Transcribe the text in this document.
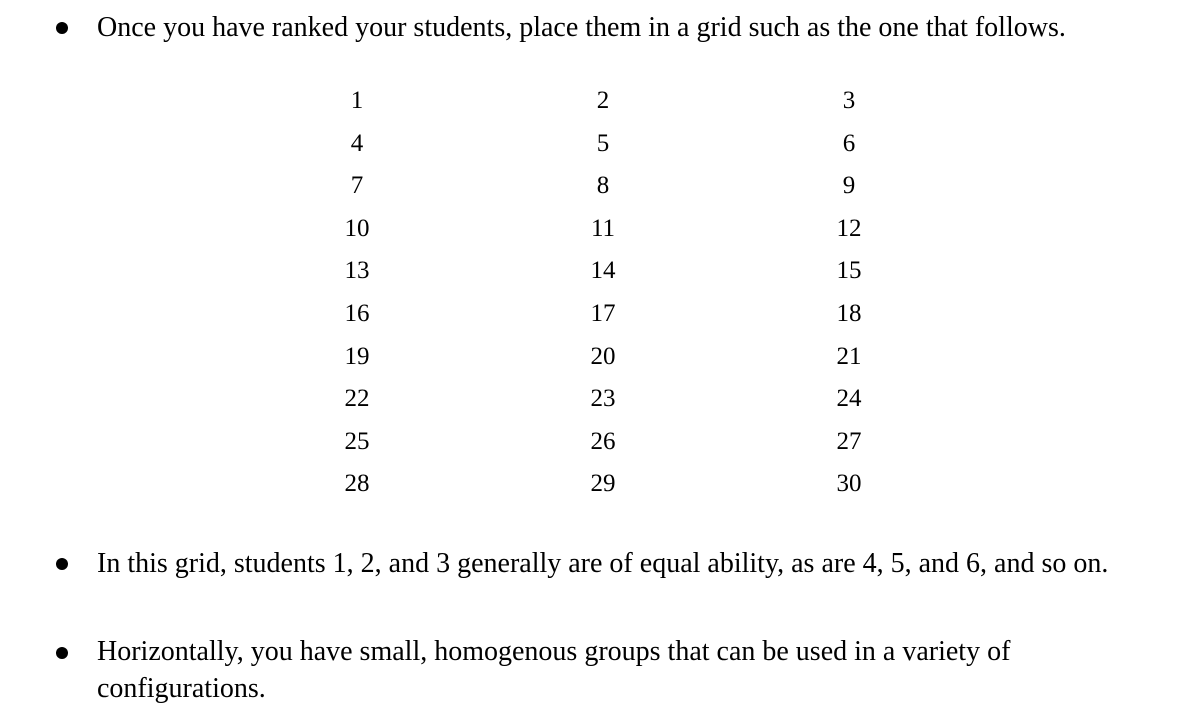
Once you have ranked your students, place them in a grid such as the one that follows.

1	2	3
4	5	6
7	8	9
10	11	12
13	14	15
16	17	18
19	20	21
22	23	24
25	26	27
28	29	30

In this grid, students 1, 2, and 3 generally are of equal ability, as are 4, 5, and 6, and so on.

Horizontally, you have small, homogenous groups that can be used in a variety of configurations.
